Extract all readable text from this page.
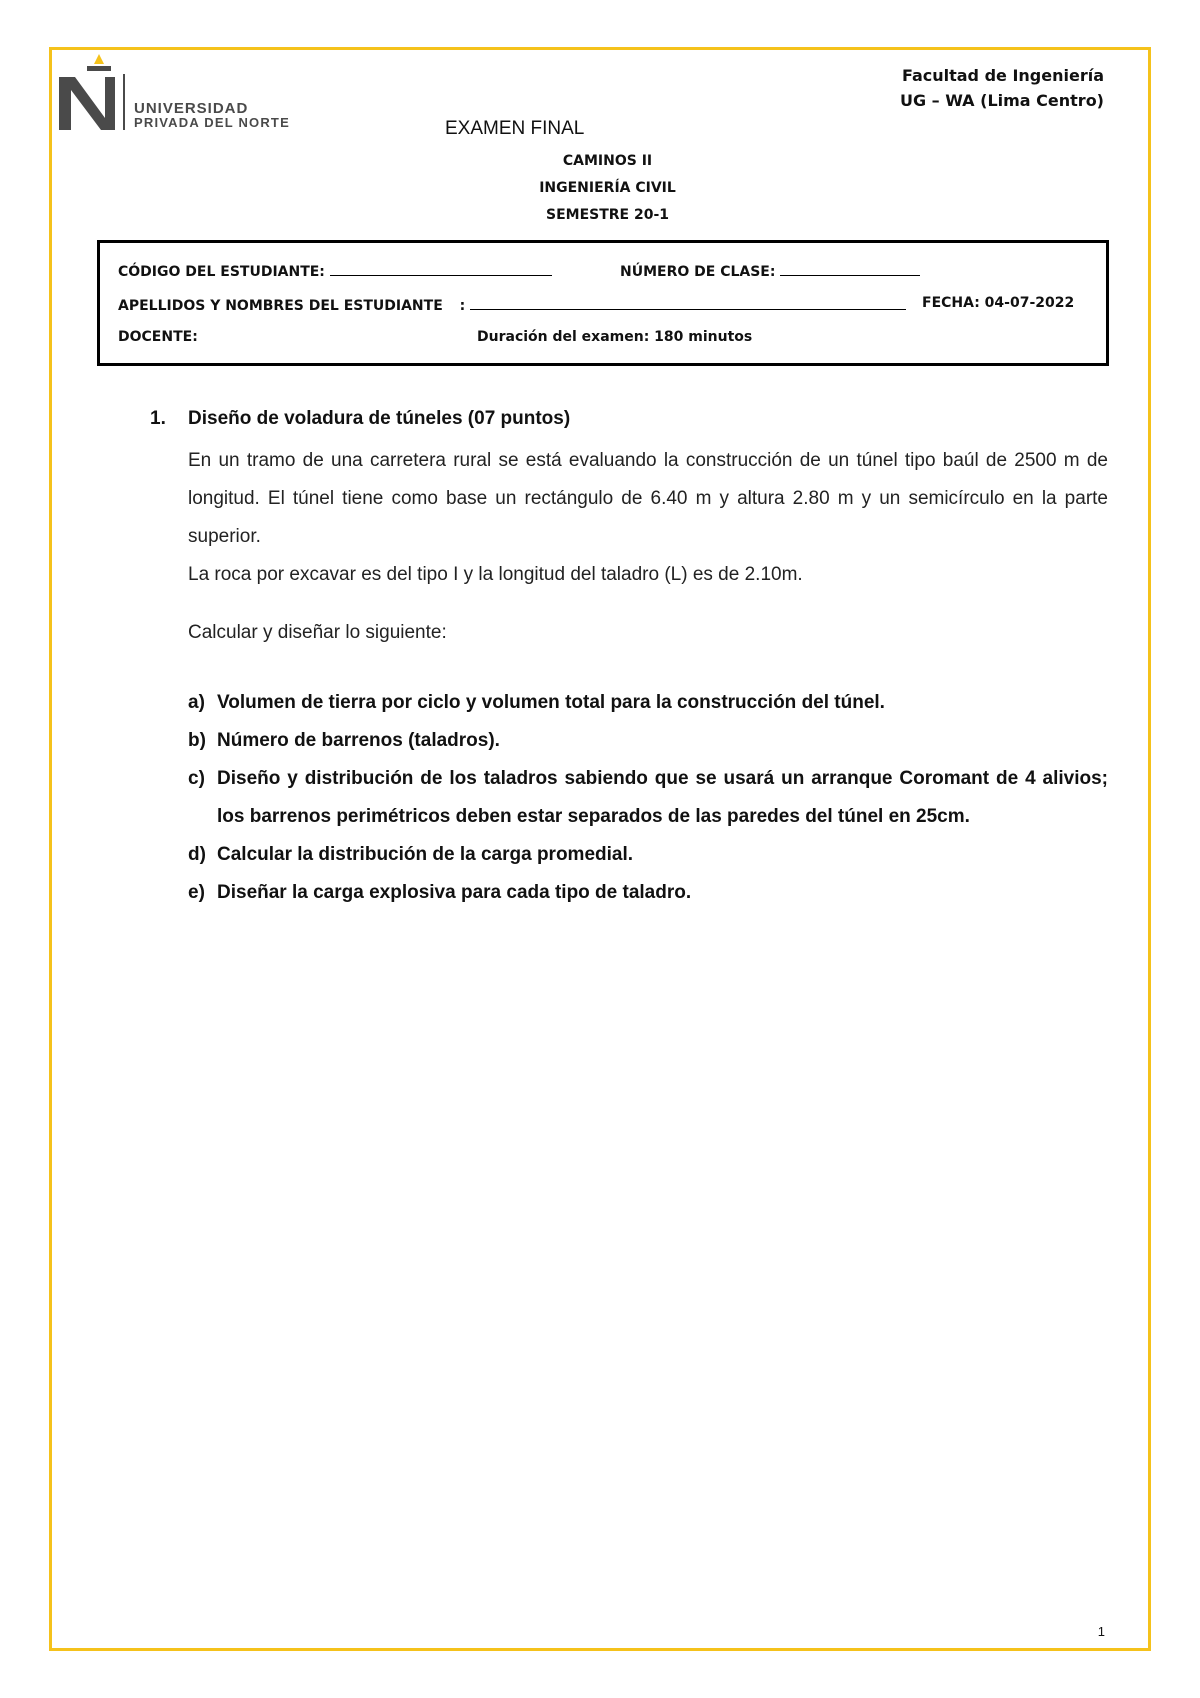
UNIVERSIDAD
PRIVADA DEL NORTE
Facultad de Ingeniería
UG – WA (Lima Centro)
EXAMEN FINAL
CAMINOS II
INGENIERÍA CIVIL
SEMESTRE 20-1
CÓDIGO DEL ESTUDIANTE:	NÚMERO DE CLASE:
APELLIDOS Y NOMBRES DEL ESTUDIANTE :	FECHA: 04-07-2022
DOCENTE:	Duración del examen: 180 minutos

1. Diseño de voladura de túneles (07 puntos)

En un tramo de una carretera rural se está evaluando la construcción de un túnel tipo baúl de 2500 m de longitud. El túnel tiene como base un rectángulo de 6.40 m y altura 2.80 m y un semicírculo en la parte superior.

La roca por excavar es del tipo I y la longitud del taladro (L) es de 2.10m.

Calcular y diseñar lo siguiente:

a) Volumen de tierra por ciclo y volumen total para la construcción del túnel.
b) Número de barrenos (taladros).
c) Diseño y distribución de los taladros sabiendo que se usará un arranque Coromant de 4 alivios; los barrenos perimétricos deben estar separados de las paredes del túnel en 25cm.
d) Calcular la distribución de la carga promedial.
e) Diseñar la carga explosiva para cada tipo de taladro.
1
